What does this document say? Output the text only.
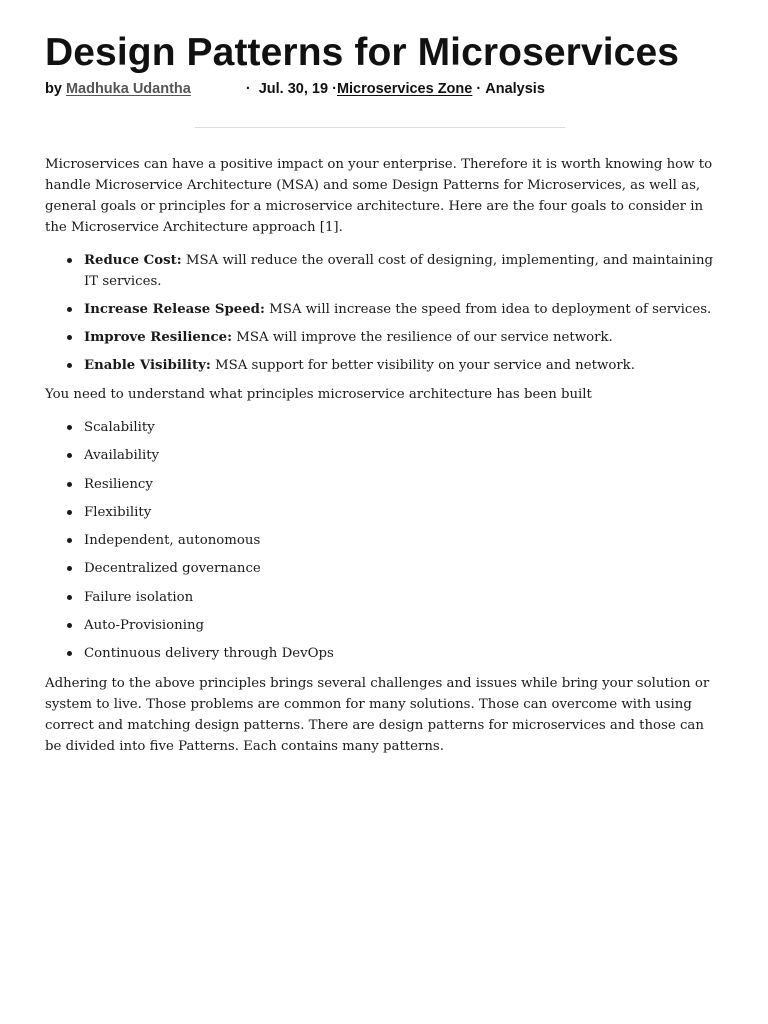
Design Patterns for Microservices
by Madhuka Udantha	· Jul. 30, 19 ·Microservices Zone · Analysis

Microservices can have a positive impact on your enterprise. Therefore it is worth knowing how to handle Microservice Architecture (MSA) and some Design Patterns for Microservices, as well as, general goals or principles for a microservice architecture. Here are the four goals to consider in the Microservice Architecture approach [1].

Reduce Cost: MSA will reduce the overall cost of designing, implementing, and maintaining IT services.
Increase Release Speed: MSA will increase the speed from idea to deployment of services.
Improve Resilience: MSA will improve the resilience of our service network.
Enable Visibility: MSA support for better visibility on your service and network.

You need to understand what principles microservice architecture has been built

Scalability
Availability
Resiliency
Flexibility
Independent, autonomous
Decentralized governance
Failure isolation
Auto-Provisioning
Continuous delivery through DevOps

Adhering to the above principles brings several challenges and issues while bring your solution or system to live. Those problems are common for many solutions. Those can overcome with using correct and matching design patterns. There are design patterns for microservices and those can be divided into five Patterns. Each contains many patterns.
